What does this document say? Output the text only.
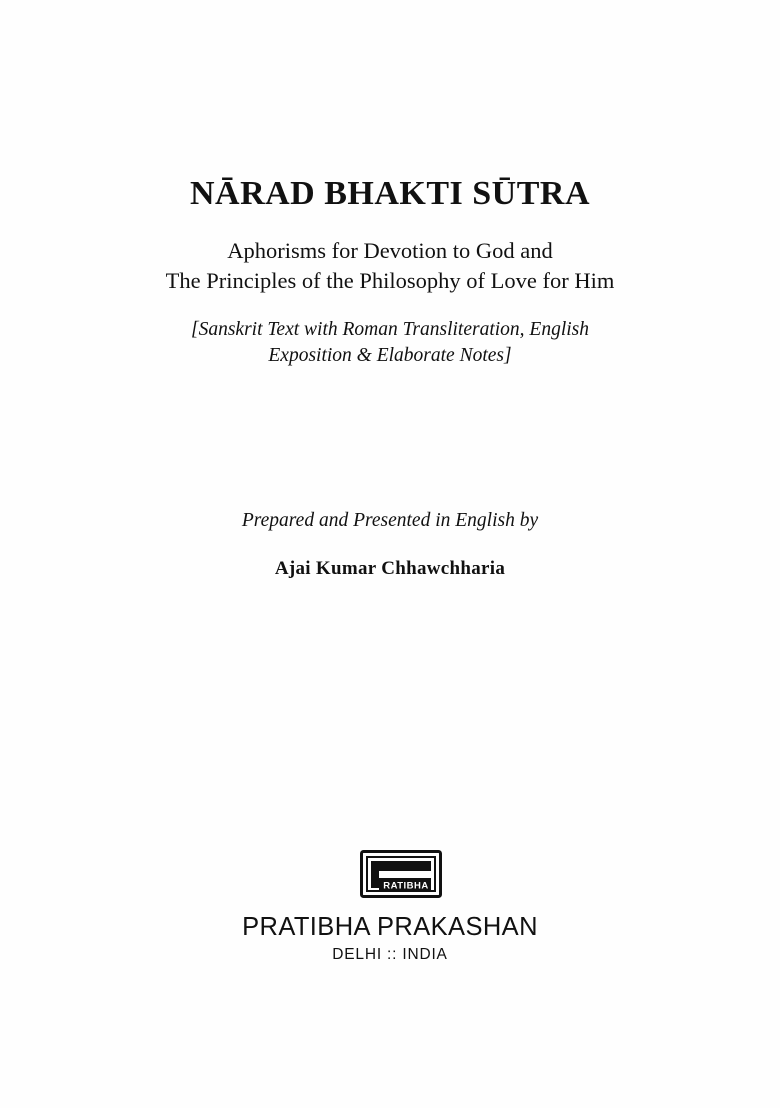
NĀRAD BHAKTI SŪTRA
Aphorisms for Devotion to God and
The Principles of the Philosophy of Love for Him
[Sanskrit Text with Roman Transliteration, English
Exposition & Elaborate Notes]
Prepared and Presented in English by
Ajai Kumar Chhawchharia
RATIBHA
PRATIBHA PRAKASHAN
DELHI :: INDIA
